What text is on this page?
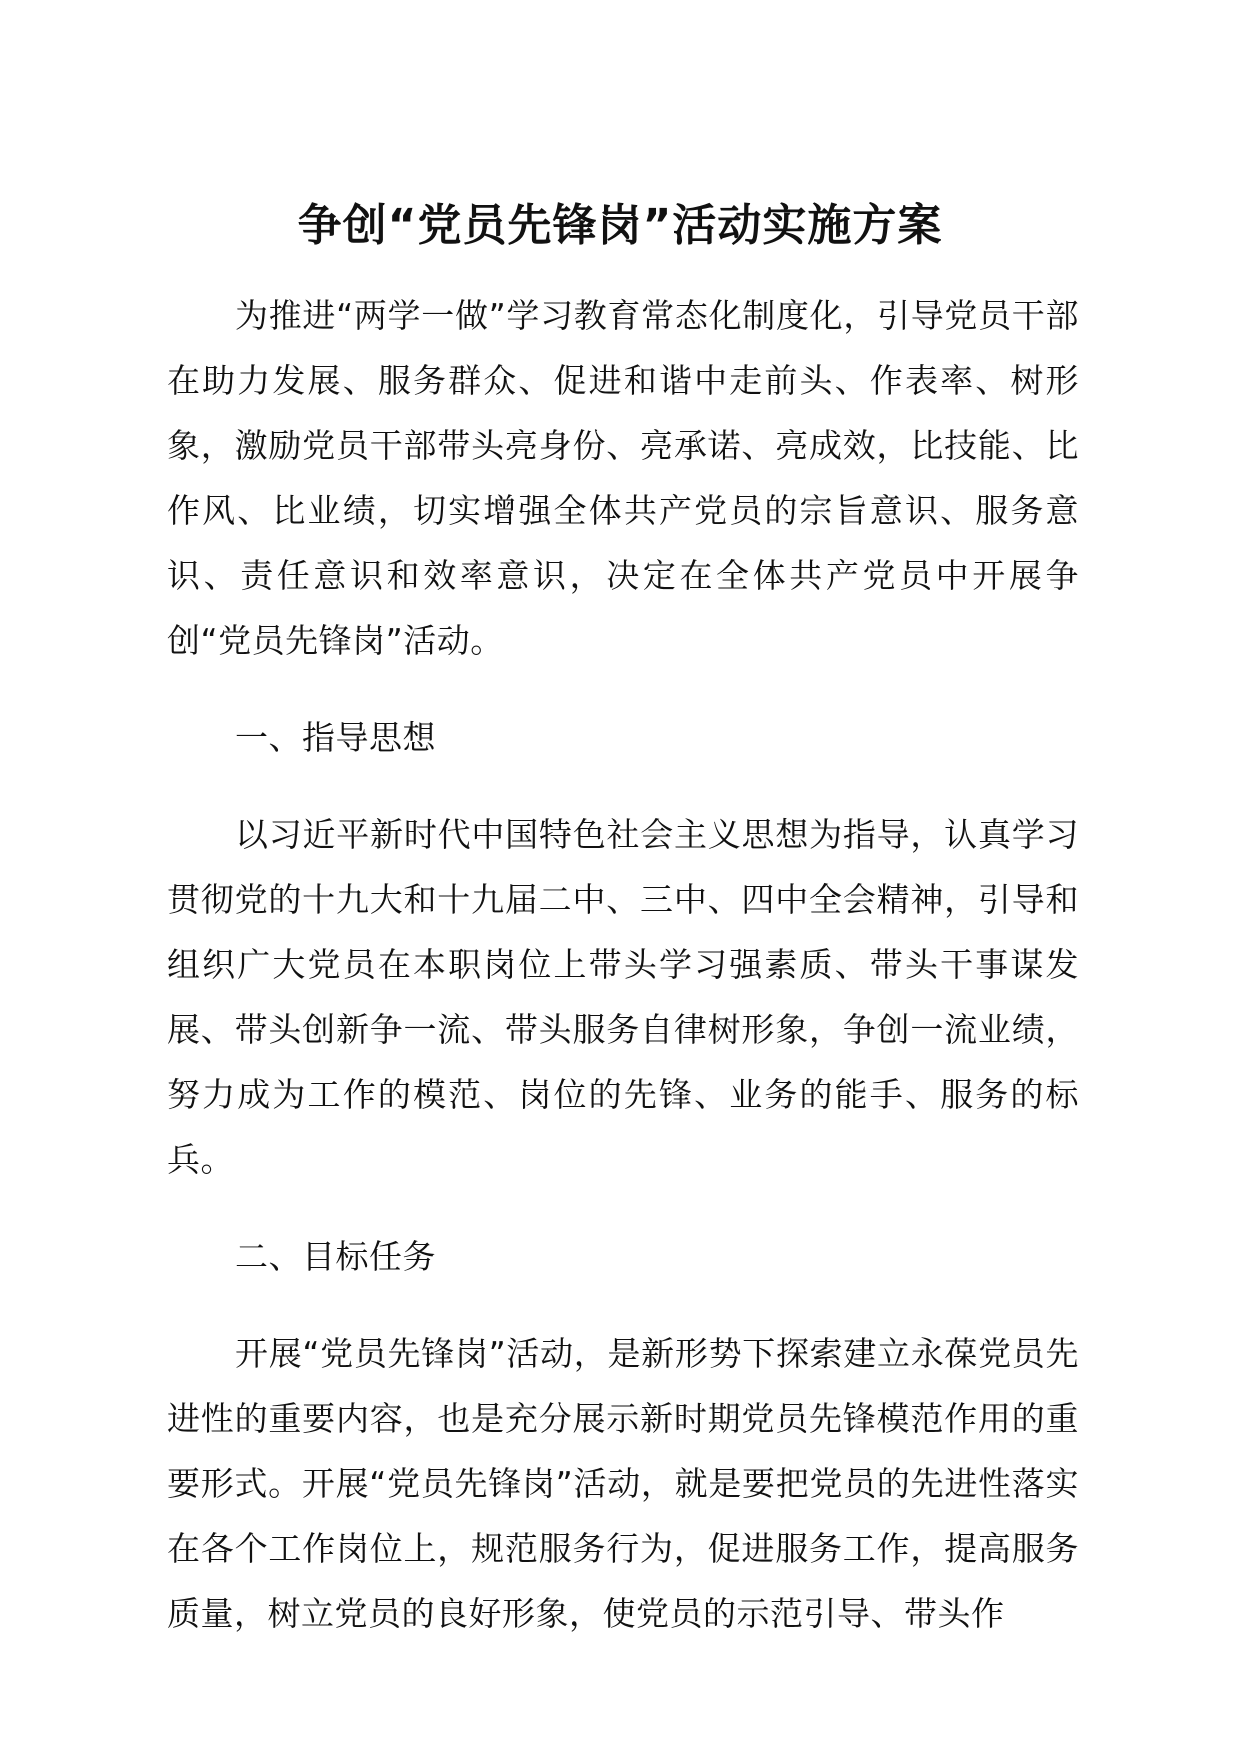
争创“党员先锋岗”活动实施方案

为推进“两学一做”学习教育常态化制度化，引导党员干部在助力发展、服务群众、促进和谐中走前头、作表率、树形象，激励党员干部带头亮身份、亮承诺、亮成效，比技能、比作风、比业绩，切实增强全体共产党员的宗旨意识、服务意识、责任意识和效率意识，决定在全体共产党员中开展争创“党员先锋岗”活动。

一、指导思想

以习近平新时代中国特色社会主义思想为指导，认真学习贯彻党的十九大和十九届二中、三中、四中全会精神，引导和组织广大党员在本职岗位上带头学习强素质、带头干事谋发展、带头创新争一流、带头服务自律树形象，争创一流业绩，努力成为工作的模范、岗位的先锋、业务的能手、服务的标兵。

二、目标任务

开展“党员先锋岗”活动，是新形势下探索建立永葆党员先进性的重要内容，也是充分展示新时期党员先锋模范作用的重要形式。开展“党员先锋岗”活动，就是要把党员的先进性落实在各个工作岗位上，规范服务行为，促进服务工作，提高服务质量，树立党员的良好形象，使党员的示范引导、带头作
